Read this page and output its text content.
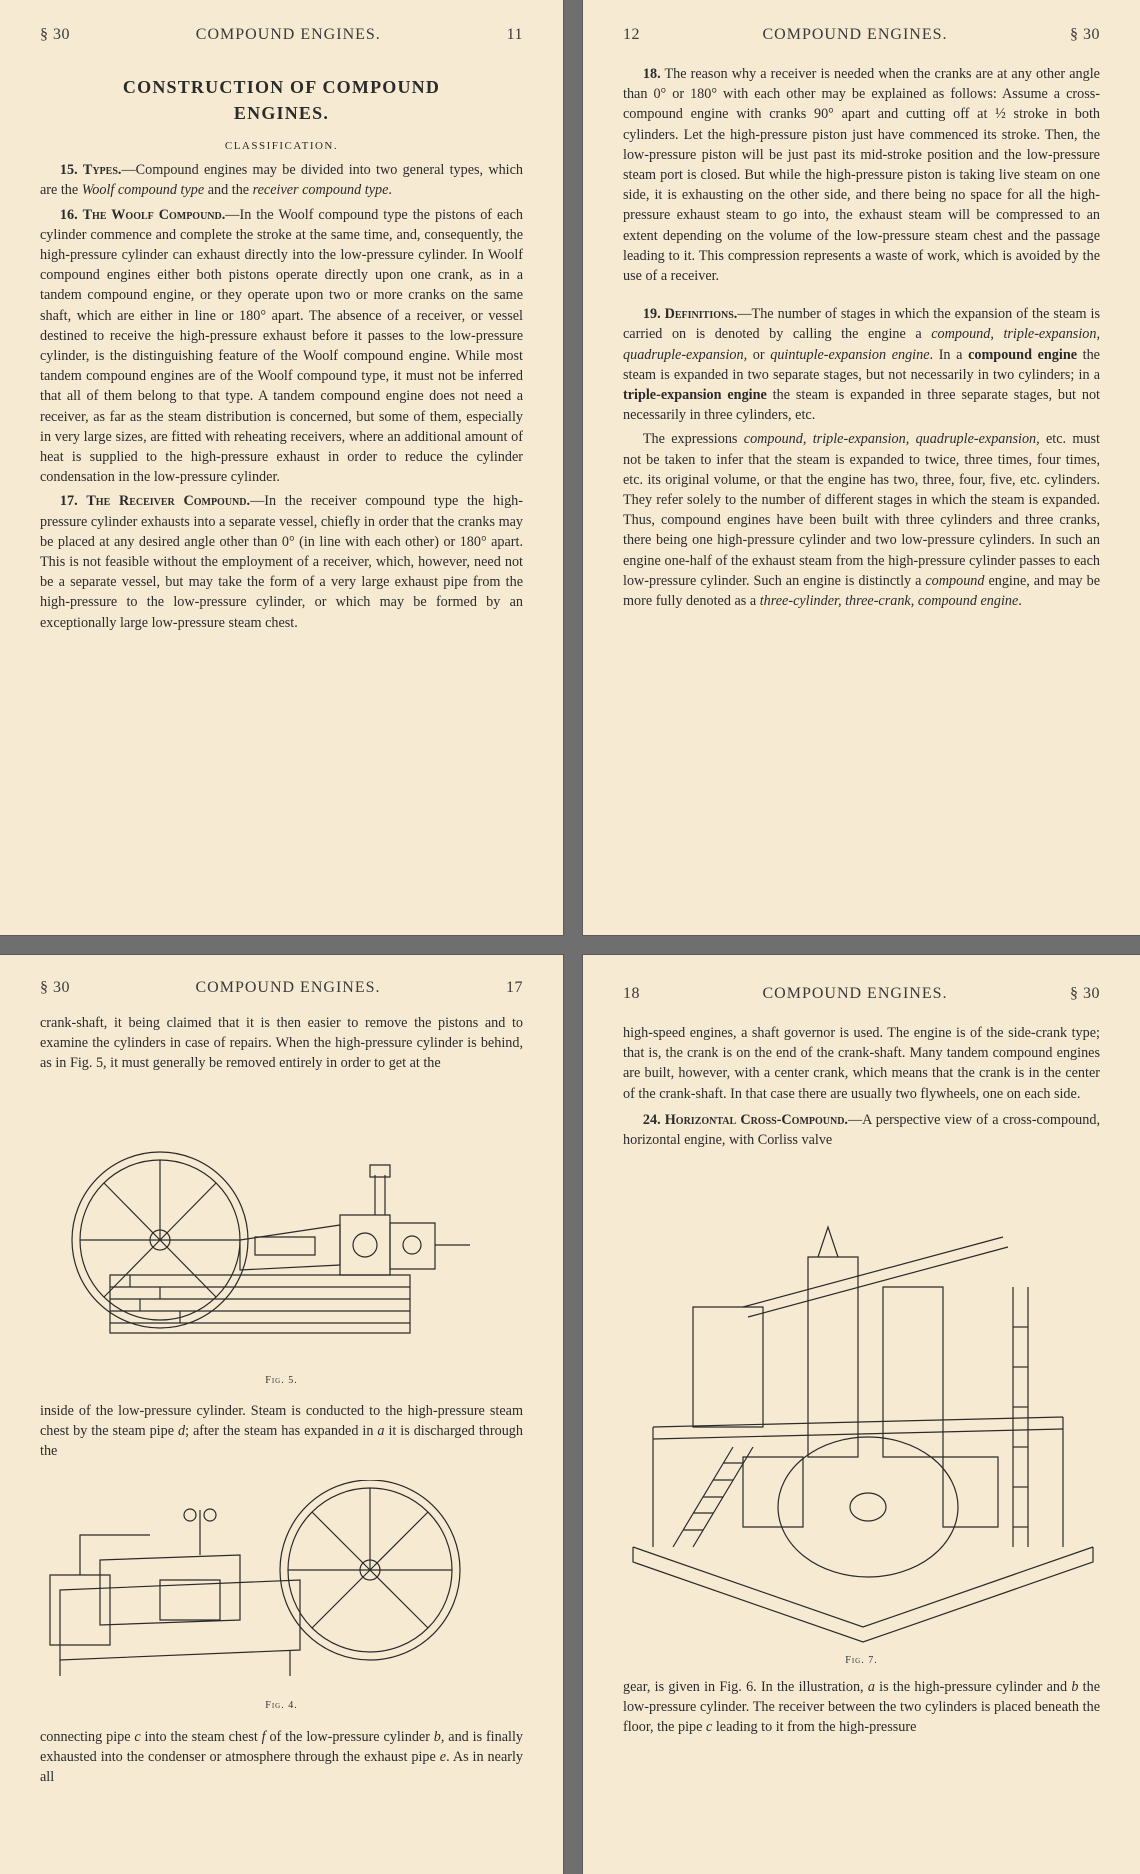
§ 30	COMPOUND ENGINES.	11
CONSTRUCTION OF COMPOUND ENGINES.
CLASSIFICATION.

15. Types.—Compound engines may be divided into two general types, which are the Woolf compound type and the receiver compound type.

16. The Woolf Compound.—In the Woolf compound type the pistons of each cylinder commence and complete the stroke at the same time, and, consequently, the high-pressure cylinder can exhaust directly into the low-pressure cylinder. In Woolf compound engines either both pistons operate directly upon one crank, as in a tandem compound engine, or they operate upon two or more cranks on the same shaft, which are either in line or 180° apart. The absence of a receiver, or vessel destined to receive the high-pressure exhaust before it passes to the low-pressure cylinder, is the distinguishing feature of the Woolf compound engine. While most tandem compound engines are of the Woolf compound type, it must not be inferred that all of them belong to that type. A tandem compound engine does not need a receiver, as far as the steam distribution is concerned, but some of them, especially in very large sizes, are fitted with reheating receivers, where an additional amount of heat is supplied to the high-pressure exhaust in order to reduce the cylinder condensation in the low-pressure cylinder.

17. The Receiver Compound.—In the receiver compound type the high-pressure cylinder exhausts into a separate vessel, chiefly in order that the cranks may be placed at any desired angle other than 0° (in line with each other) or 180° apart. This is not feasible without the employment of a receiver, which, however, need not be a separate vessel, but may take the form of a very large exhaust pipe from the high-pressure to the low-pressure cylinder, or which may be formed by an exceptionally large low-pressure steam chest.

12	COMPOUND ENGINES.	§ 30

18. The reason why a receiver is needed when the cranks are at any other angle than 0° or 180° with each other may be explained as follows: Assume a cross-compound engine with cranks 90° apart and cutting off at ½ stroke in both cylinders. Let the high-pressure piston just have commenced its stroke. Then, the low-pressure piston will be just past its mid-stroke position and the low-pressure steam port is closed. But while the high-pressure piston is taking live steam on one side, it is exhausting on the other side, and there being no space for all the high-pressure exhaust steam to go into, the exhaust steam will be compressed to an extent depending on the volume of the low-pressure steam chest and the passage leading to it. This compression represents a waste of work, which is avoided by the use of a receiver.

19. Definitions.—The number of stages in which the expansion of the steam is carried on is denoted by calling the engine a compound, triple-expansion, quadruple-expansion, or quintuple-expansion engine. In a compound engine the steam is expanded in two separate stages, but not necessarily in two cylinders; in a triple-expansion engine the steam is expanded in three separate stages, but not necessarily in three cylinders, etc.

The expressions compound, triple-expansion, quadruple-expansion, etc. must not be taken to infer that the steam is expanded to twice, three times, four times, etc. its original volume, or that the engine has two, three, four, five, etc. cylinders. They refer solely to the number of different stages in which the steam is expanded. Thus, compound engines have been built with three cylinders and three cranks, there being one high-pressure cylinder and two low-pressure cylinders. In such an engine one-half of the exhaust steam from the high-pressure cylinder passes to each low-pressure cylinder. Such an engine is distinctly a compound engine, and may be more fully denoted as a three-cylinder, three-crank, compound engine.

§ 30	COMPOUND ENGINES.	17

crank-shaft, it being claimed that it is then easier to remove the pistons and to examine the cylinders in case of repairs. When the high-pressure cylinder is behind, as in Fig. 5, it must generally be removed entirely in order to get at the

Fig. 5.

inside of the low-pressure cylinder. Steam is conducted to the high-pressure steam chest by the steam pipe d; after the steam has expanded in a it is discharged through the

Fig. 4.

connecting pipe c into the steam chest f of the low-pressure cylinder b, and is finally exhausted into the condenser or atmosphere through the exhaust pipe e. As in nearly all

18	COMPOUND ENGINES.	§ 30

high-speed engines, a shaft governor is used. The engine is of the side-crank type; that is, the crank is on the end of the crank-shaft. Many tandem compound engines are built, however, with a center crank, which means that the crank is in the center of the crank-shaft. In that case there are usually two flywheels, one on each side.

24. Horizontal Cross-Compound.—A perspective view of a cross-compound, horizontal engine, with Corliss valve

Fig. 7.

gear, is given in Fig. 6. In the illustration, a is the high-pressure cylinder and b the low-pressure cylinder. The receiver between the two cylinders is placed beneath the floor, the pipe c leading to it from the high-pressure
